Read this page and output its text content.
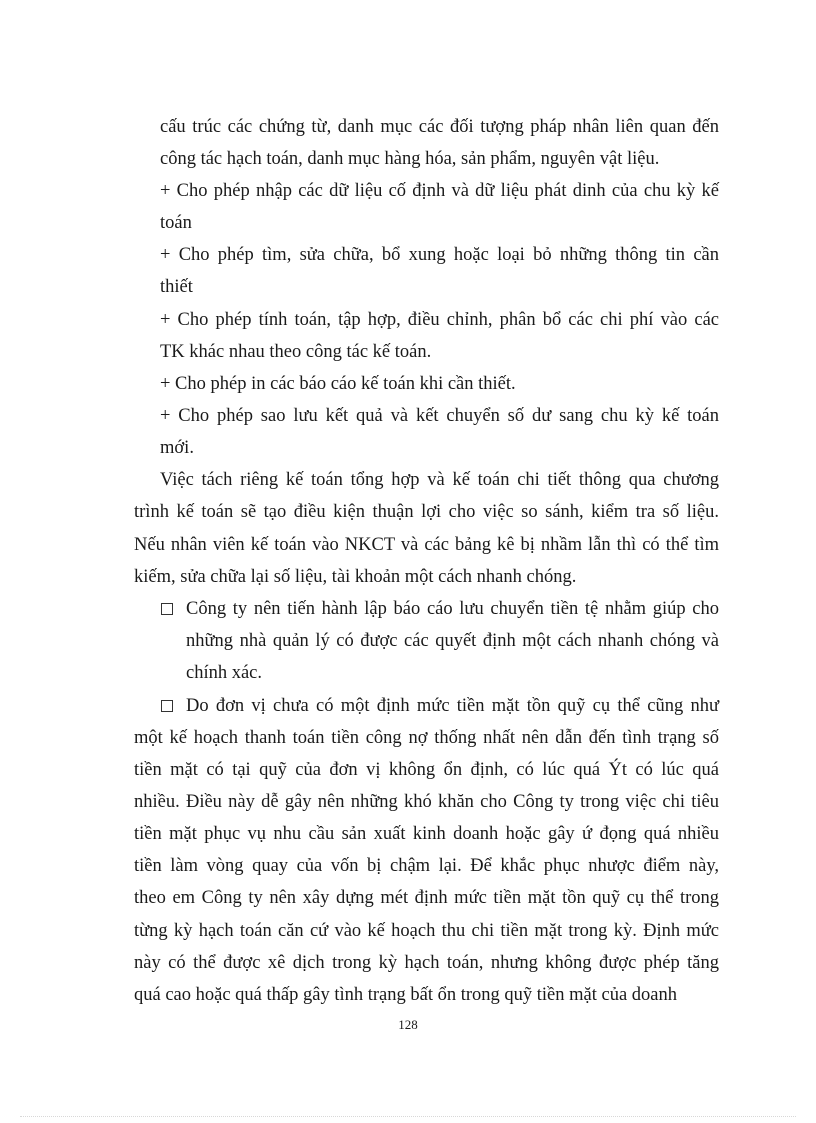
cấu trúc các chứng từ, danh mục các đối tượng pháp nhân liên quan đến
công tác hạch toán, danh mục hàng hóa, sản phẩm, nguyên vật liệu.
+ Cho phép nhập các dữ liệu cố định và dữ liệu phát dinh của chu kỳ kế
toán
+ Cho phép tìm, sửa chữa, bổ xung hoặc loại bỏ những thông tin cần
thiết
+ Cho phép tính toán, tập hợp, điều chỉnh, phân bổ các chi phí vào các
TK khác nhau theo công tác kế toán.
+ Cho phép in các báo cáo kế toán khi cần thiết.
+ Cho phép sao lưu kết quả và kết chuyển số dư sang chu kỳ kế toán
mới.
Việc tách riêng kế toán tổng hợp và kế toán chi tiết thông qua chương
trình kế toán sẽ tạo điều kiện thuận lợi cho việc so sánh, kiểm tra số liệu.
Nếu nhân viên kế toán vào NKCT và các bảng kê bị nhầm lẫn thì có thể tìm
kiếm, sửa chữa lại số liệu, tài khoản một cách nhanh chóng.
Công ty nên tiến hành lập báo cáo lưu chuyển tiền tệ nhằm giúp cho
những nhà quản lý có được các quyết định một cách nhanh chóng và
chính xác.
Do đơn vị chưa có một định mức tiền mặt tồn quỹ cụ thể cũng như
một kế hoạch thanh toán tiền công nợ thống nhất nên dẫn đến tình trạng số
tiền mặt có tại quỹ của đơn vị không ổn định, có lúc quá Ýt có lúc quá
nhiều. Điều này dễ gây nên những khó khăn cho Công ty trong việc chi tiêu
tiền mặt phục vụ nhu cầu sản xuất kinh doanh hoặc gây ứ đọng quá nhiều
tiền làm vòng quay của vốn bị chậm lại. Để khắc phục nhược điểm này,
theo em Công ty nên xây dựng mét định mức tiền mặt tồn quỹ cụ thể trong
từng kỳ hạch toán căn cứ vào kế hoạch thu chi tiền mặt trong kỳ. Định mức
này có thể được xê dịch trong kỳ hạch toán, nhưng không được phép tăng
quá cao hoặc quá thấp gây tình trạng bất ổn trong quỹ tiền mặt của doanh
128
